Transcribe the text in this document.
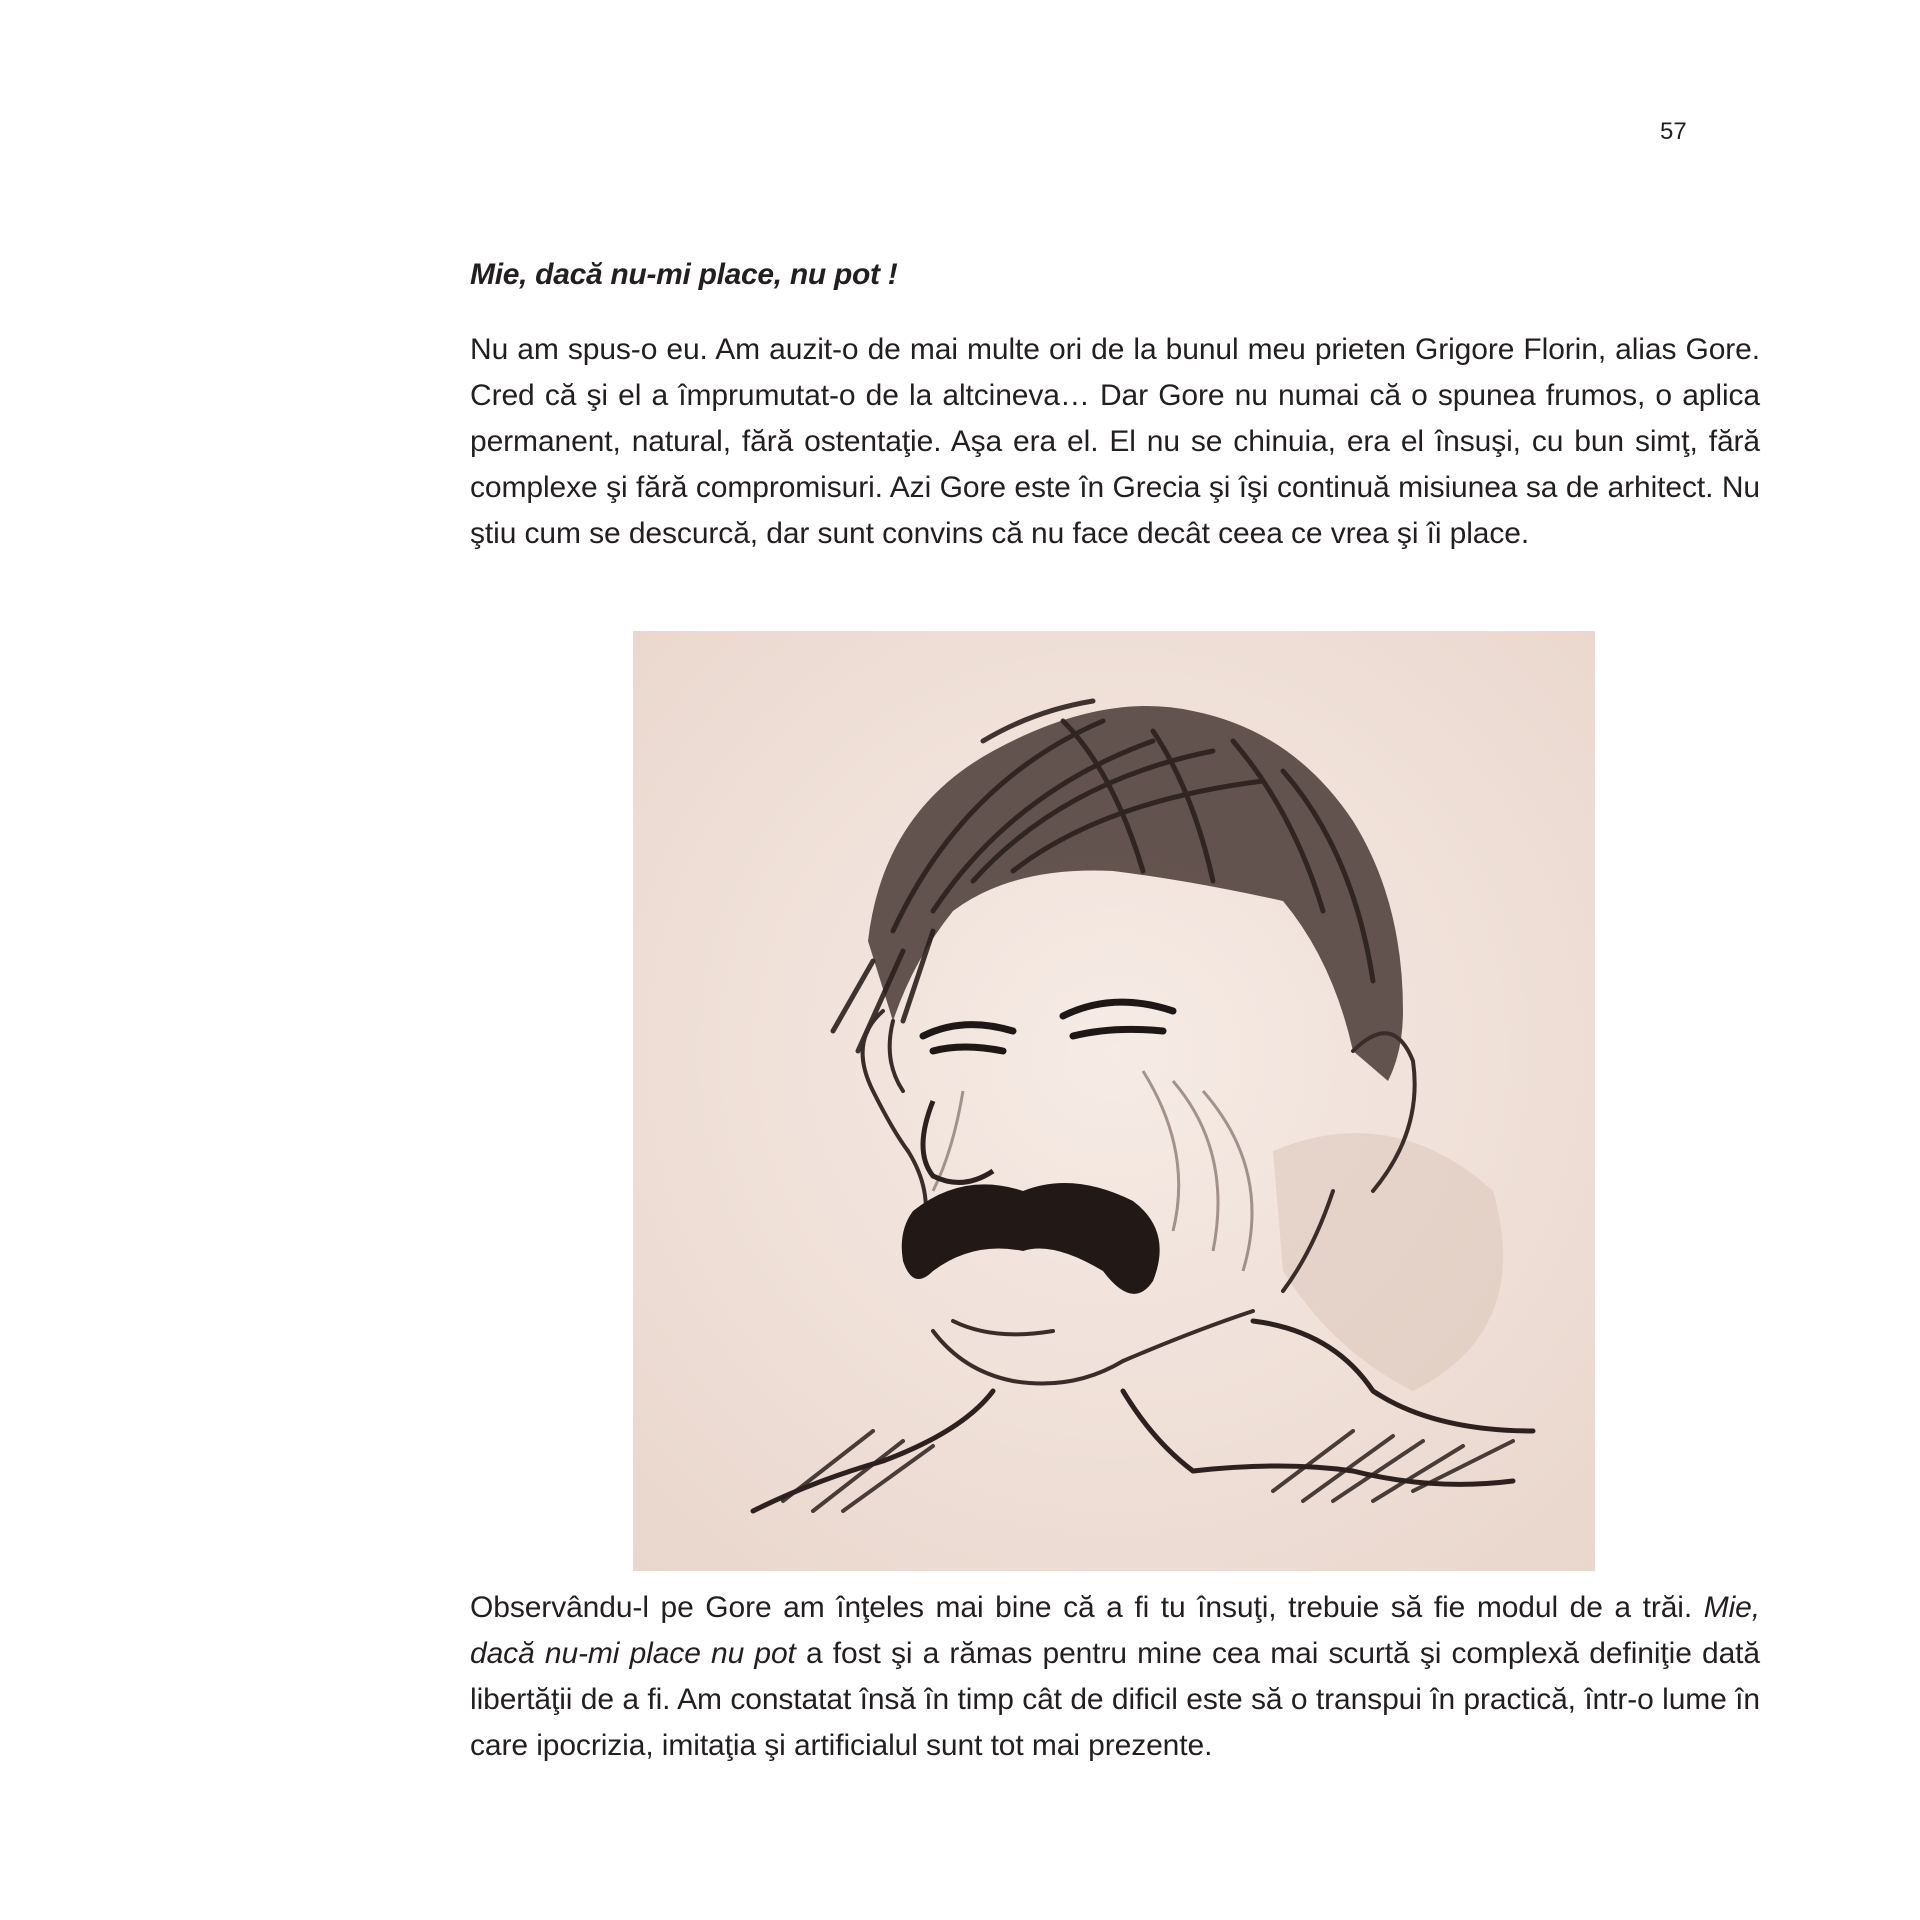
57
Mie, dacă nu-mi place, nu pot !

Nu am spus-o eu. Am auzit-o de mai multe ori de la bunul meu prieten Grigore Florin, alias Gore. Cred că şi el a împrumutat-o de la altcineva… Dar Gore nu numai că o spunea frumos, o aplica permanent, natural, fără ostentaţie. Aşa era el. El nu se chinuia, era el însuşi, cu bun simţ, fără complexe şi fără compromisuri. Azi Gore este în Grecia şi îşi continuă misiunea sa de arhitect. Nu ştiu cum se descurcă, dar sunt convins că nu face decât ceea ce vrea şi îi place.

Observându-l pe Gore am înţeles mai bine că a fi tu însuţi, trebuie să fie modul de a trăi. Mie, dacă nu-mi place nu pot a fost şi a rămas pentru mine cea mai scurtă şi complexă definiţie dată libertăţii de a fi. Am constatat însă în timp cât de dificil este să o transpui în practică, într-o lume în care ipocrizia, imitaţia şi artificialul sunt tot mai prezente.
